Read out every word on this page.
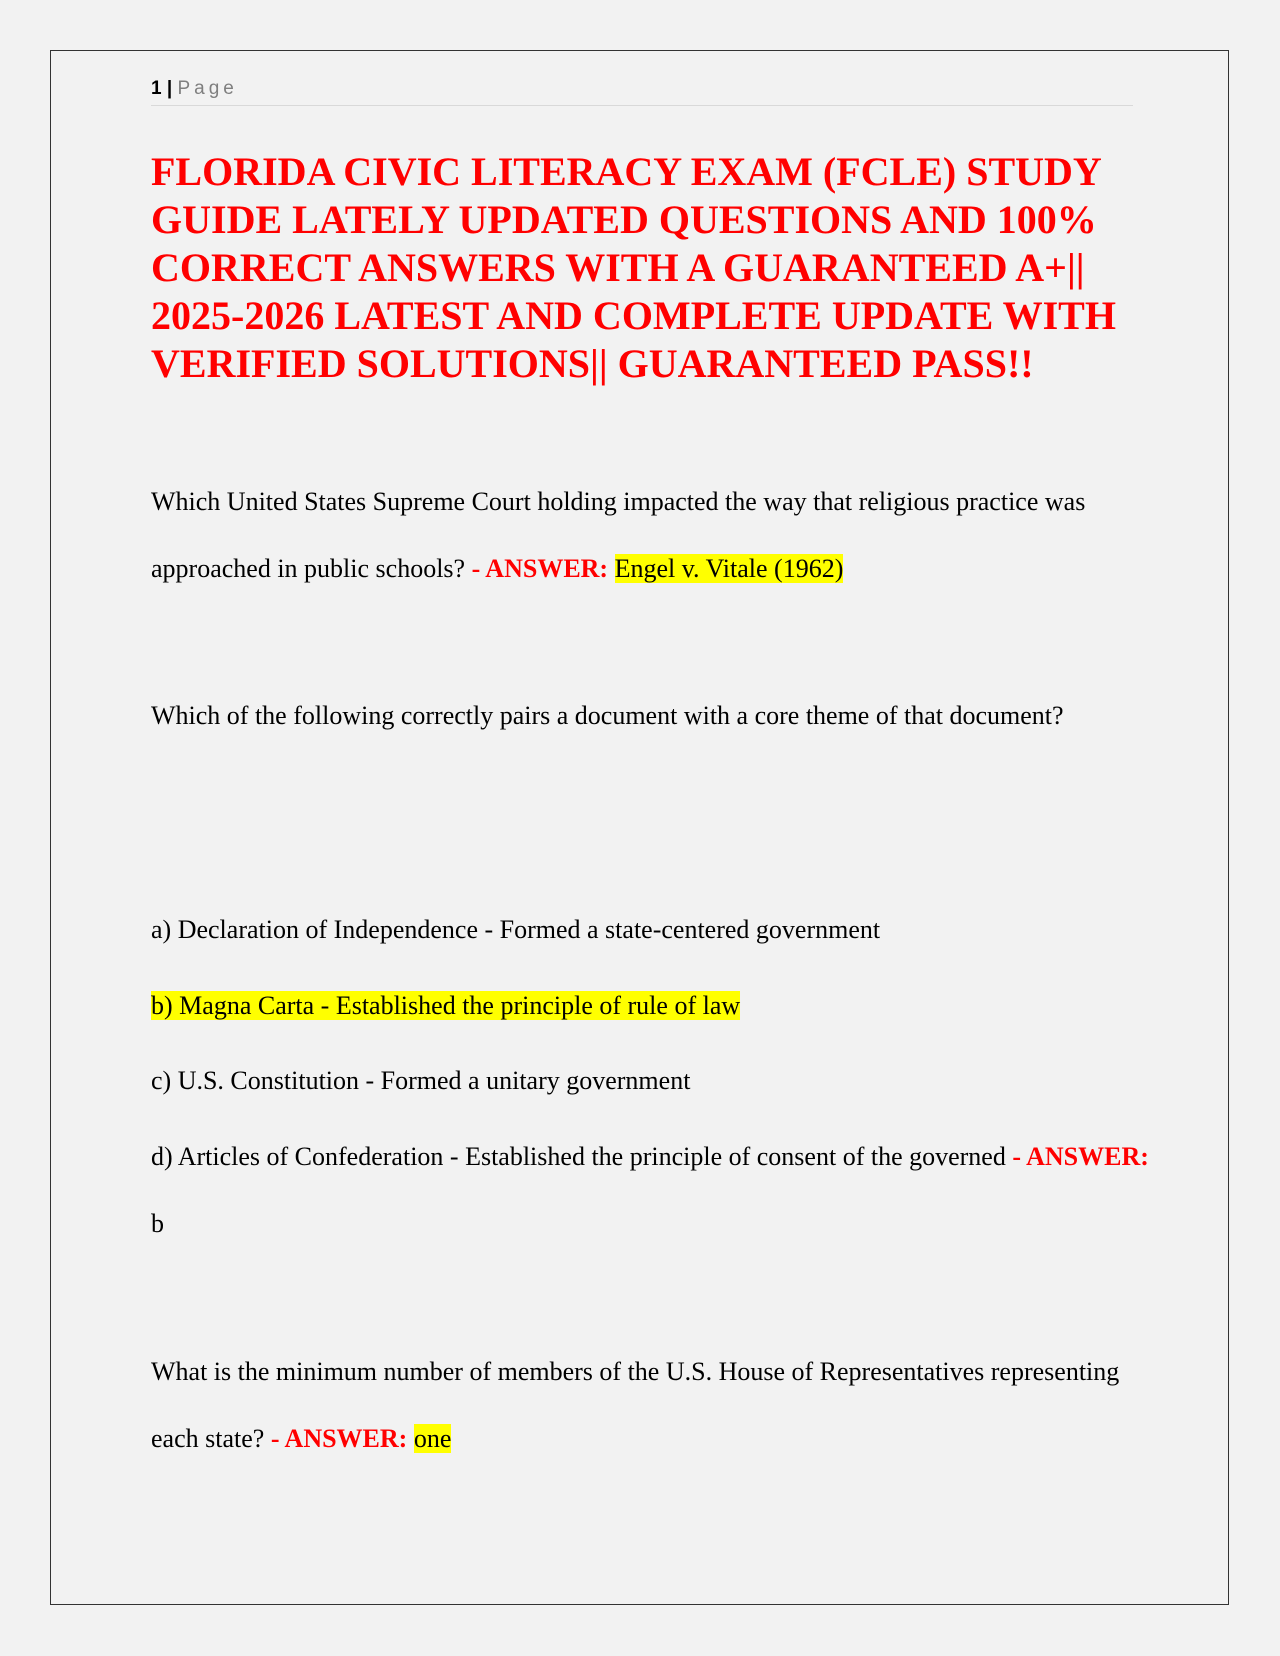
1 | Page
FLORIDA CIVIC LITERACY EXAM (FCLE) STUDY GUIDE LATELY UPDATED QUESTIONS AND 100% CORRECT ANSWERS WITH A GUARANTEED A+|| 2025-2026 LATEST AND COMPLETE UPDATE WITH VERIFIED SOLUTIONS|| GUARANTEED PASS!!

Which United States Supreme Court holding impacted the way that religious practice was approached in public schools? - ANSWER: Engel v. Vitale (1962)

Which of the following correctly pairs a document with a core theme of that document?

a) Declaration of Independence - Formed a state-centered government

b) Magna Carta - Established the principle of rule of law

c) U.S. Constitution - Formed a unitary government

d) Articles of Confederation - Established the principle of consent of the governed - ANSWER: b

What is the minimum number of members of the U.S. House of Representatives representing each state? - ANSWER: one
